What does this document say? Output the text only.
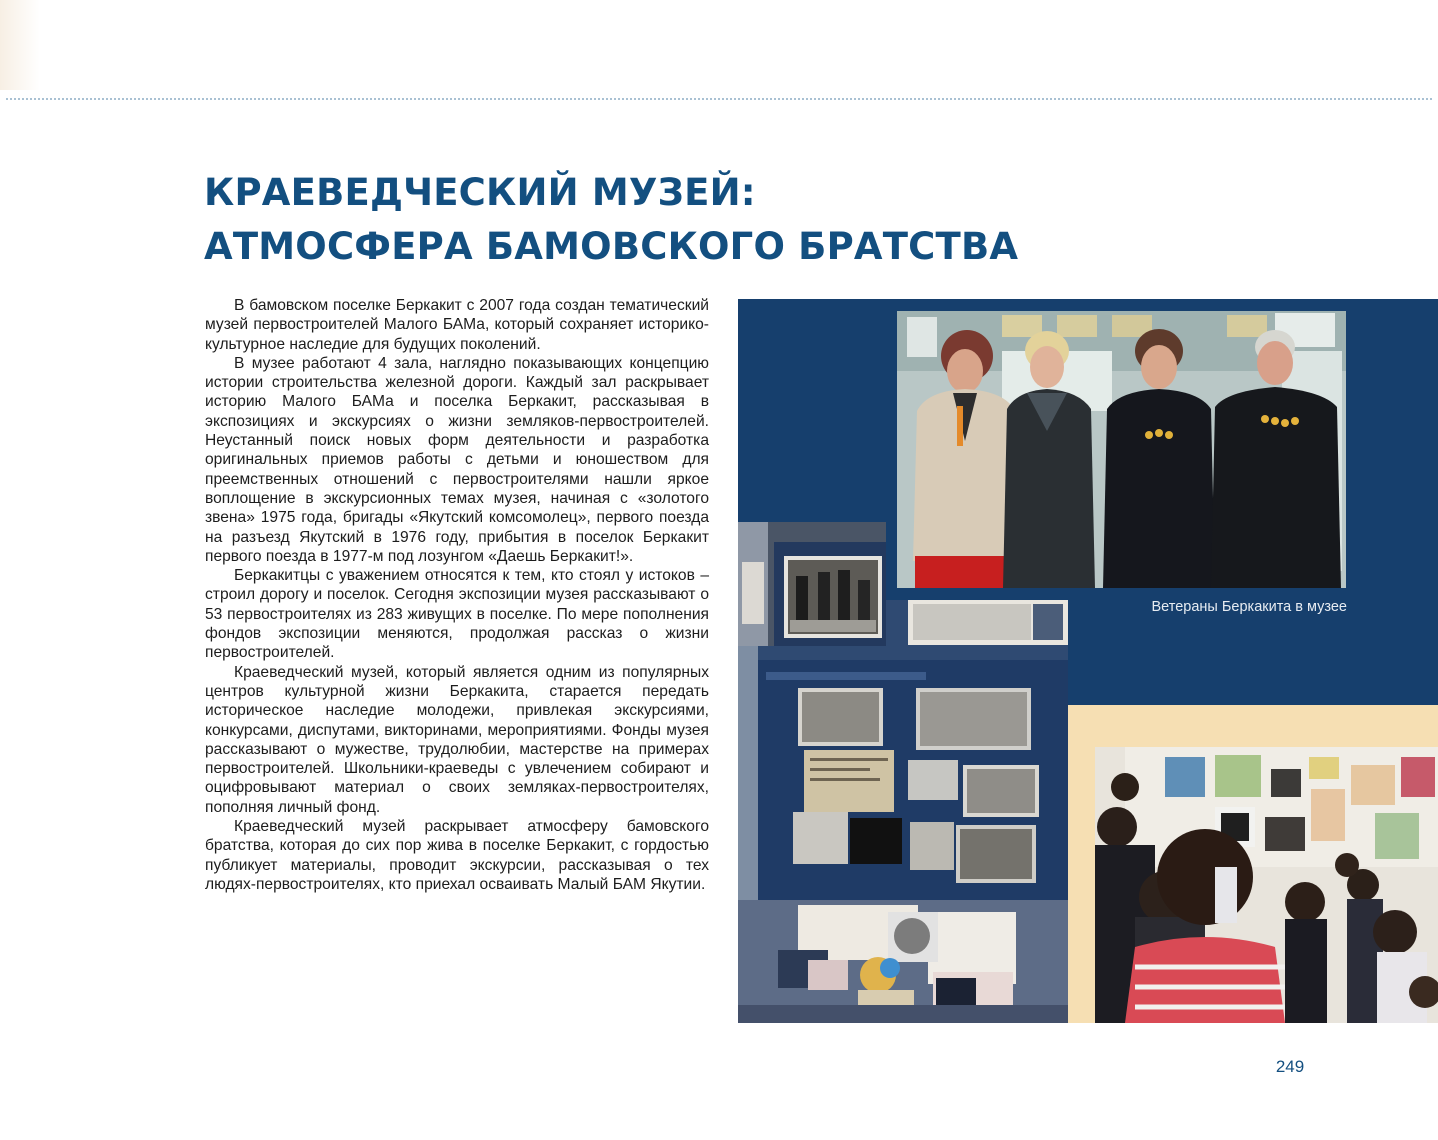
КРАЕВЕДЧЕСКИЙ МУЗЕЙ:
АТМОСФЕРА БАМОВСКОГО БРАТСТВА

В бамовском поселке Беркакит с 2007 года создан тематический музей первостроителей Малого БАМа, который сохраняет историко-культурное наследие для будущих поколений.

В музее работают 4 зала, наглядно показывающих концепцию истории строительства железной дороги. Каждый зал раскрывает историю Малого БАМа и поселка Беркакит, рассказывая в экспозициях и экскурсиях о жизни земляков-первостроителей. Неустанный поиск новых форм деятельности и разработка оригинальных приемов работы с детьми и юношеством для преемственных отношений с первостроителями нашли яркое воплощение в экскурсионных темах музея, начиная с «золотого звена» 1975 года, бригады «Якутский комсомолец», первого поезда на разъезд Якутский в 1976 году, прибытия в поселок Беркакит первого поезда в 1977-м под лозунгом «Даешь Беркакит!».

Беркакитцы с уважением относятся к тем, кто стоял у истоков – строил дорогу и поселок. Сегодня экспозиции музея рассказывают о 53 первостроителях из 283 живущих в поселке. По мере пополнения фондов экспозиции меняются, продолжая рассказ о жизни первостроителей.

Краеведческий музей, который является одним из популярных центров культурной жизни Беркакита, старается передать историческое наследие молодежи, привлекая экскурсиями, конкурсами, диспутами, викторинами, мероприятиями. Фонды музея рассказывают о мужестве, трудолюбии, мастерстве на примерах первостроителей. Школьники-краеведы с увлечением собирают и оцифровывают материал о своих земляках-первостроителях, пополняя личный фонд.

Краеведческий музей раскрывает атмосферу бамовского братства, которая до сих пор жива в поселке Беркакит, с гордостью публикует материалы, проводит экскурсии, рассказывая о тех людях-первостроителях, кто приехал осваивать Малый БАМ Якутии.

Ветераны Беркакита в музее

249
